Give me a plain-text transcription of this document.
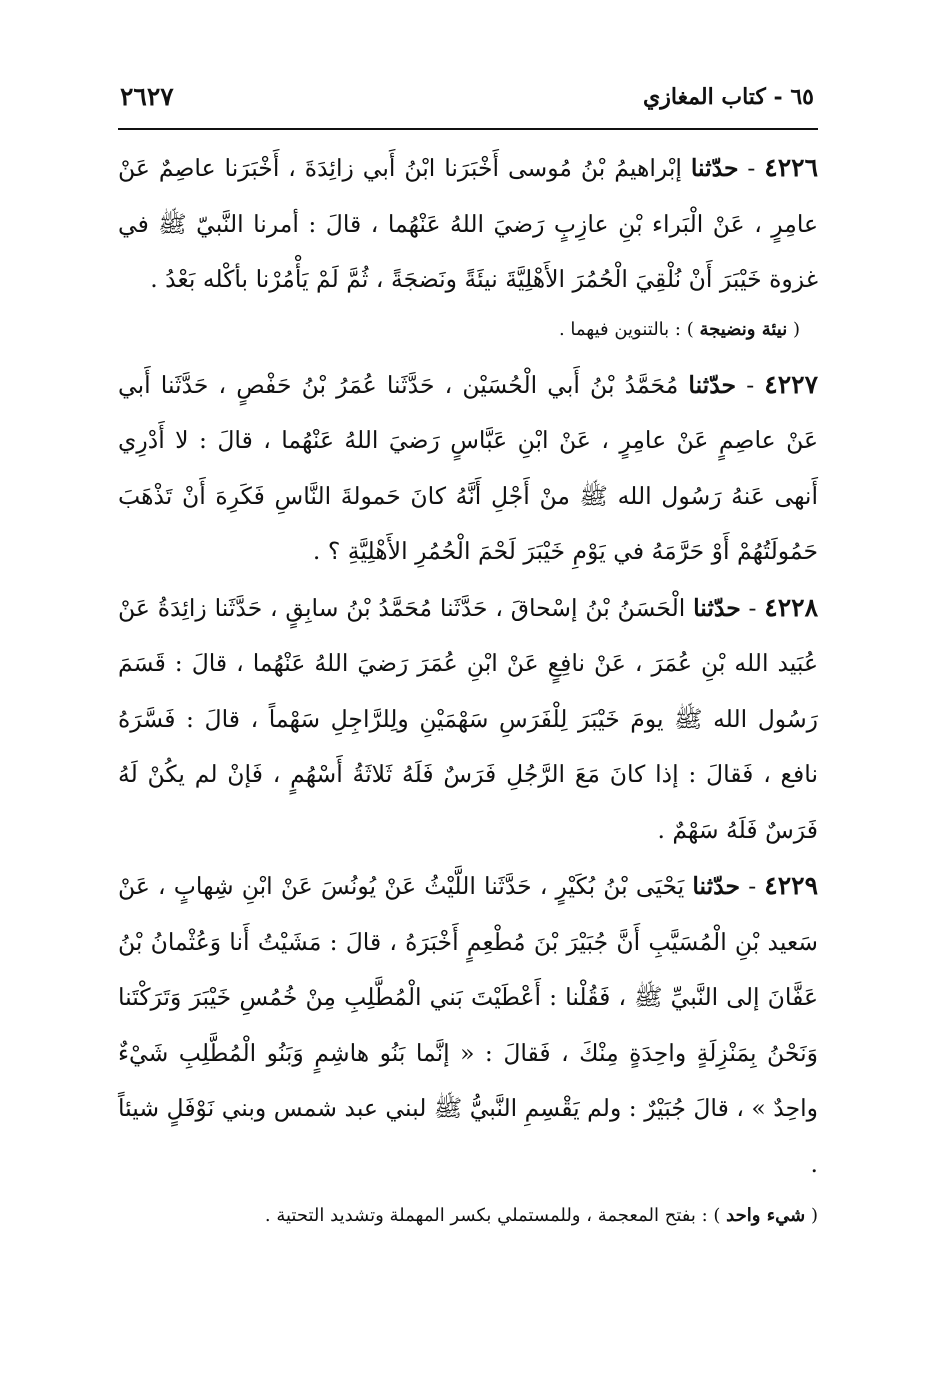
٦٥ - كتاب المغازي
٢٦٢٧

٤٢٢٦ - حدّثنا إبْراهيمُ بْنُ مُوسى أَخْبَرَنا ابْنُ أَبي زائِدَةَ ، أَخْبَرَنا عاصِمٌ عَنْ عامِرٍ ، عَنْ الْبَراء بْنِ عازِبٍ رَضيَ اللهُ عَنْهُما ، قالَ : أمرنا النَّبيّ ﷺ في غزوة خَيْبَرَ أَنْ نُلْقِيَ الْحُمُرَ الأَهْلِيَّةَ نيئَةً ونَضجَةً ، ثُمَّ لَمْ يَأْمُرْنا بأكْله بَعْدُ .

( نيئة ونضيجة ) : بالتنوين فيهما .

٤٢٢٧ - حدّثنا مُحَمَّدُ بْنُ أَبي الْحُسَيْن ، حَدَّثَنا عُمَرُ بْنُ حَفْصٍ ، حَدَّثَنا أَبي عَنْ عاصِمٍ عَنْ عامِرٍ ، عَنْ ابْنِ عَبَّاسٍ رَضيَ اللهُ عَنْهُما ، قالَ : لا أَدْرِي أَنهى عَنهُ رَسُول الله ﷺ منْ أَجْلِ أَنَّهُ كانَ حَمولةَ النَّاسِ فَكَرِهَ أَنْ تَذْهَبَ حَمُولَتُهُمْ أَوْ حَرَّمَهُ في يَوْمِ خَيْبَرَ لَحْمَ الْحُمُرِ الأَهْلِيَّةِ ؟ .

٤٢٢٨ - حدّثنا الْحَسَنُ بْنُ إسْحاقَ ، حَدَّثَنا مُحَمَّدُ بْنُ سابِقٍ ، حَدَّثَنا زائِدَةُ عَنْ عُبَيد الله بْنِ عُمَرَ ، عَنْ نافِعٍ عَنْ ابْنِ عُمَرَ رَضيَ اللهُ عَنْهُما ، قالَ : قَسَمَ رَسُول الله ﷺ يومَ خَيْبَرَ لِلْفَرَسِ سَهْمَيْنِ ولِلرَّاجِلِ سَهْماً ، قالَ : فَسَّرَهُ نافع ، فَقالَ : إذا كانَ مَعَ الرَّجُلِ فَرَسٌ فَلَهُ ثَلاثَةُ أَسْهُمٍ ، فَإنْ لم يكُنْ لَهُ فَرَسٌ فَلَهُ سَهْمٌ .

٤٢٢٩ - حدّثنا يَحْيَى بْنُ بُكَيْرٍ ، حَدَّثَنا اللَّيْثُ عَنْ يُونُسَ عَنْ ابْنِ شِهابٍ ، عَنْ سَعيد بْنِ الْمُسَيَّبِ أَنَّ جُبَيْرَ بْنَ مُطْعِمٍ أَخْبَرَهُ ، قالَ : مَشَيْتُ أَنا وَعُثْمانُ بْنُ عَفَّانَ إلى النَّبيِّ ﷺ ، فَقُلْنا : أَعْطَيْتَ بَني الْمُطَّلِبِ مِنْ خُمُسِ خَيْبَرَ وَتَرَكْتَنا وَنَحْنُ بِمَنْزِلَةٍ واحِدَةٍ مِنْكَ ، فَقالَ : « إنَّما بَنُو هاشِمٍ وَبَنُو الْمُطَّلِبِ شَيْءٌ واحِدٌ » ، قالَ جُبَيْرٌ : ولم يَقْسِمِ النَّبيُّ ﷺ لبني عبد شمس وبني نَوْفَلٍ شيئاً .

( شيء واحد ) : بفتح المعجمة ، وللمستملي بكسر المهملة وتشديد التحتية .
